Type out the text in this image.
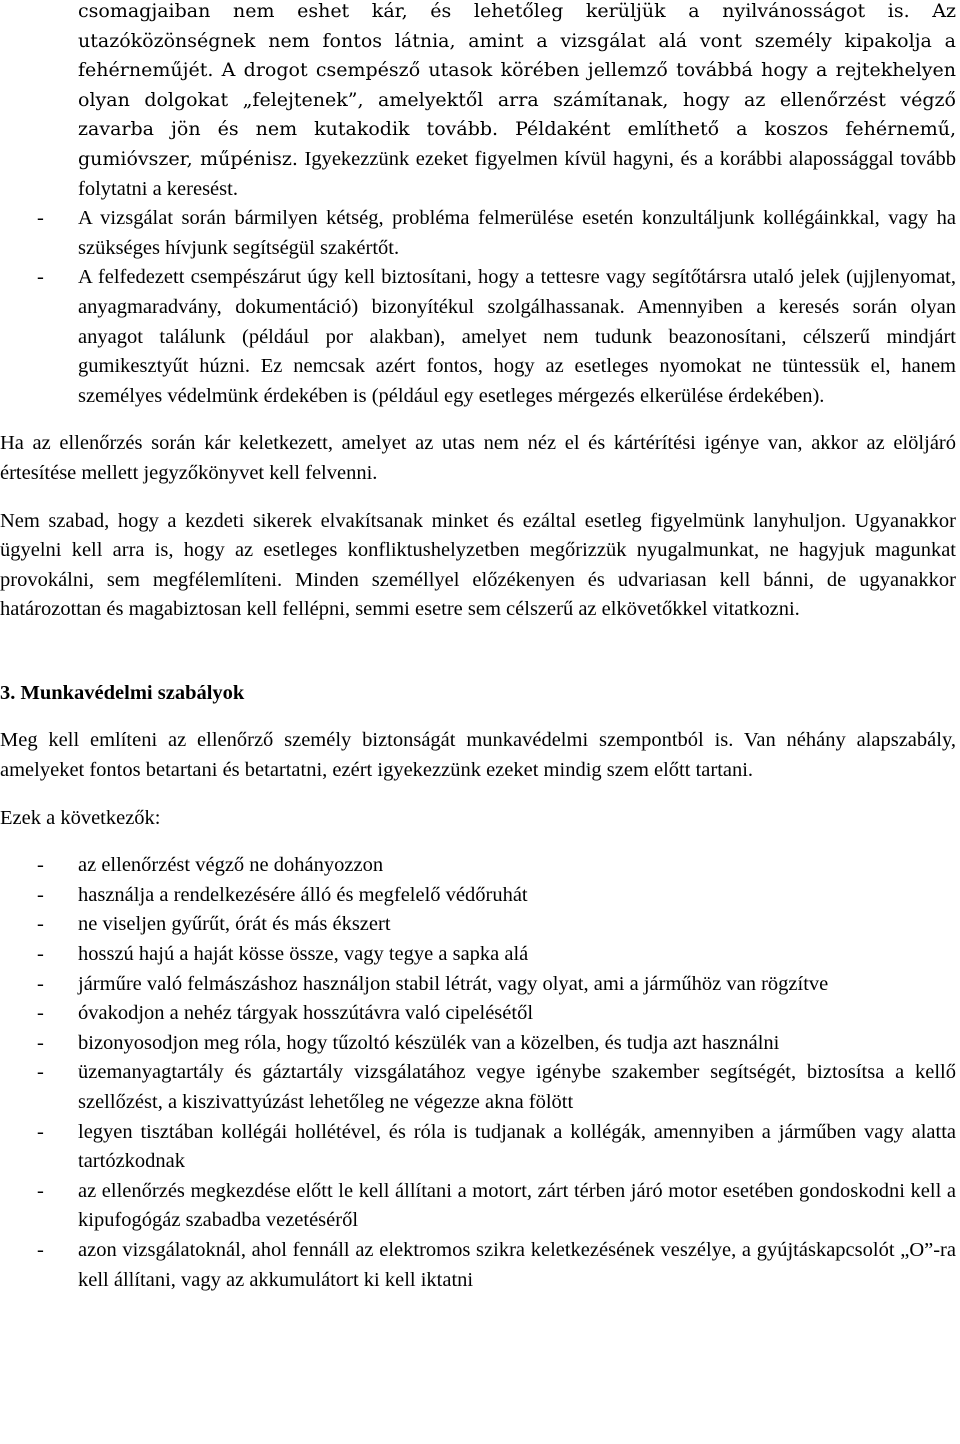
csomagjaiban nem eshet kár, és lehetőleg kerüljük a nyilvánosságot is. Az utazóközönségnek nem fontos látnia, amint a vizsgálat alá vont személy kipakolja a fehérneműjét. A drogot csempésző utasok körében jellemző továbbá hogy a rejtekhelyen olyan dolgokat „felejtenek”, amelyektől arra számítanak, hogy az ellenőrzést végző zavarba jön és nem kutakodik tovább. Példaként említhető a koszos fehérnemű, gumióvszer, műpénisz. Igyekezzünk ezeket figyelmen kívül hagyni, és a korábbi alapossággal tovább folytatni a keresést.
- A vizsgálat során bármilyen kétség, probléma felmerülése esetén konzultáljunk kollégáinkkal, vagy ha szükséges hívjunk segítségül szakértőt.
- A felfedezett csempészárut úgy kell biztosítani, hogy a tettesre vagy segítőtársra utaló jelek (ujjlenyomat, anyagmaradvány, dokumentáció) bizonyítékul szolgálhassanak. Amennyiben a keresés során olyan anyagot találunk (például por alakban), amelyet nem tudunk beazonosítani, célszerű mindjárt gumikesztyűt húzni. Ez nemcsak azért fontos, hogy az esetleges nyomokat ne tüntessük el, hanem személyes védelmünk érdekében is (például egy esetleges mérgezés elkerülése érdekében).

Ha az ellenőrzés során kár keletkezett, amelyet az utas nem néz el és kártérítési igénye van, akkor az elöljáró értesítése mellett jegyzőkönyvet kell felvenni.

Nem szabad, hogy a kezdeti sikerek elvakítsanak minket és ezáltal esetleg figyelmünk lanyhuljon. Ugyanakkor ügyelni kell arra is, hogy az esetleges konfliktushelyzetben megőrizzük nyugalmunkat, ne hagyjuk magunkat provokálni, sem megfélemlíteni. Minden személlyel előzékenyen és udvariasan kell bánni, de ugyanakkor határozottan és magabiztosan kell fellépni, semmi esetre sem célszerű az elkövetőkkel vitatkozni.

3. Munkavédelmi szabályok

Meg kell említeni az ellenőrző személy biztonságát munkavédelmi szempontból is. Van néhány alapszabály, amelyeket fontos betartani és betartatni, ezért igyekezzünk ezeket mindig szem előtt tartani.

Ezek a következők:

- az ellenőrzést végző ne dohányozzon
- használja a rendelkezésére álló és megfelelő védőruhát
- ne viseljen gyűrűt, órát és más ékszert
- hosszú hajú a haját kösse össze, vagy tegye a sapka alá
- járműre való felmászáshoz használjon stabil létrát, vagy olyat, ami a járműhöz van rögzítve
- óvakodjon a nehéz tárgyak hosszútávra való cipelésétől
- bizonyosodjon meg róla, hogy tűzoltó készülék van a közelben, és tudja azt használni
- üzemanyagtartály és gáztartály vizsgálatához vegye igénybe szakember segítségét, biztosítsa a kellő szellőzést, a kiszivattyúzást lehetőleg ne végezze akna fölött
- legyen tisztában kollégái hollétével, és róla is tudjanak a kollégák, amennyiben a járműben vagy alatta tartózkodnak
- az ellenőrzés megkezdése előtt le kell állítani a motort, zárt térben járó motor esetében gondoskodni kell a kipufogógáz szabadba vezetéséről
- azon vizsgálatoknál, ahol fennáll az elektromos szikra keletkezésének veszélye, a gyújtáskapcsolót „O”-ra kell állítani, vagy az akkumulátort ki kell iktatni
